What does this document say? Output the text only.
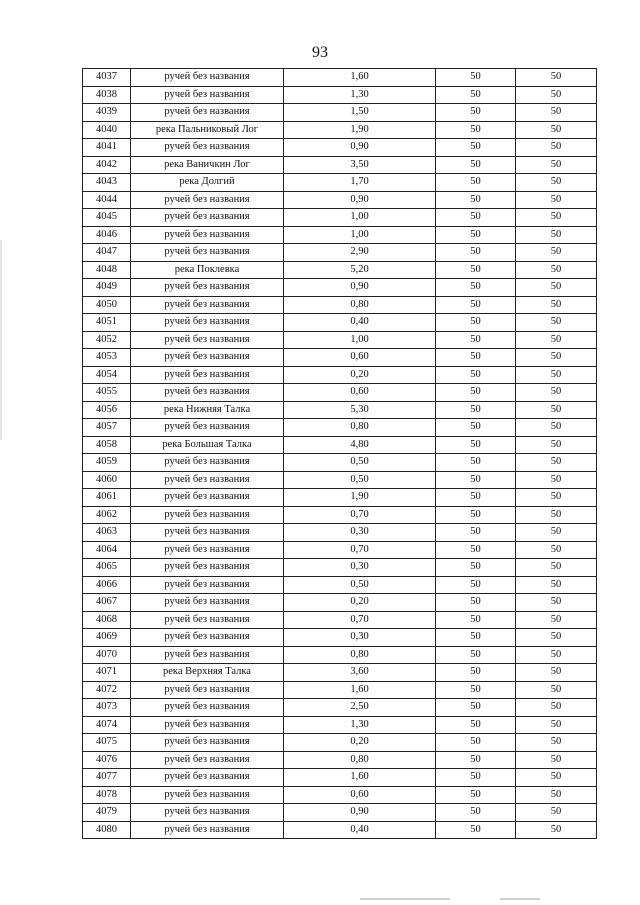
93
4037	ручей без названия	1,60	50	50
4038	ручей без названия	1,30	50	50
4039	ручей без названия	1,50	50	50
4040	река Пальниковый Лог	1,90	50	50
4041	ручей без названия	0,90	50	50
4042	река Ваничкин Лог	3,50	50	50
4043	река Долгий	1,70	50	50
4044	ручей без названия	0,90	50	50
4045	ручей без названия	1,00	50	50
4046	ручей без названия	1,00	50	50
4047	ручей без названия	2,90	50	50
4048	река Поклевка	5,20	50	50
4049	ручей без названия	0,90	50	50
4050	ручей без названия	0,80	50	50
4051	ручей без названия	0,40	50	50
4052	ручей без названия	1,00	50	50
4053	ручей без названия	0,60	50	50
4054	ручей без названия	0,20	50	50
4055	ручей без названия	0,60	50	50
4056	река Нижняя Талка	5,30	50	50
4057	ручей без названия	0,80	50	50
4058	река Большая Талка	4,80	50	50
4059	ручей без названия	0,50	50	50
4060	ручей без названия	0,50	50	50
4061	ручей без названия	1,90	50	50
4062	ручей без названия	0,70	50	50
4063	ручей без названия	0,30	50	50
4064	ручей без названия	0,70	50	50
4065	ручей без названия	0,30	50	50
4066	ручей без названия	0,50	50	50
4067	ручей без названия	0,20	50	50
4068	ручей без названия	0,70	50	50
4069	ручей без названия	0,30	50	50
4070	ручей без названия	0,80	50	50
4071	река Верхняя Талка	3,60	50	50
4072	ручей без названия	1,60	50	50
4073	ручей без названия	2,50	50	50
4074	ручей без названия	1,30	50	50
4075	ручей без названия	0,20	50	50
4076	ручей без названия	0,80	50	50
4077	ручей без названия	1,60	50	50
4078	ручей без названия	0,60	50	50
4079	ручей без названия	0,90	50	50
4080	ручей без названия	0,40	50	50
